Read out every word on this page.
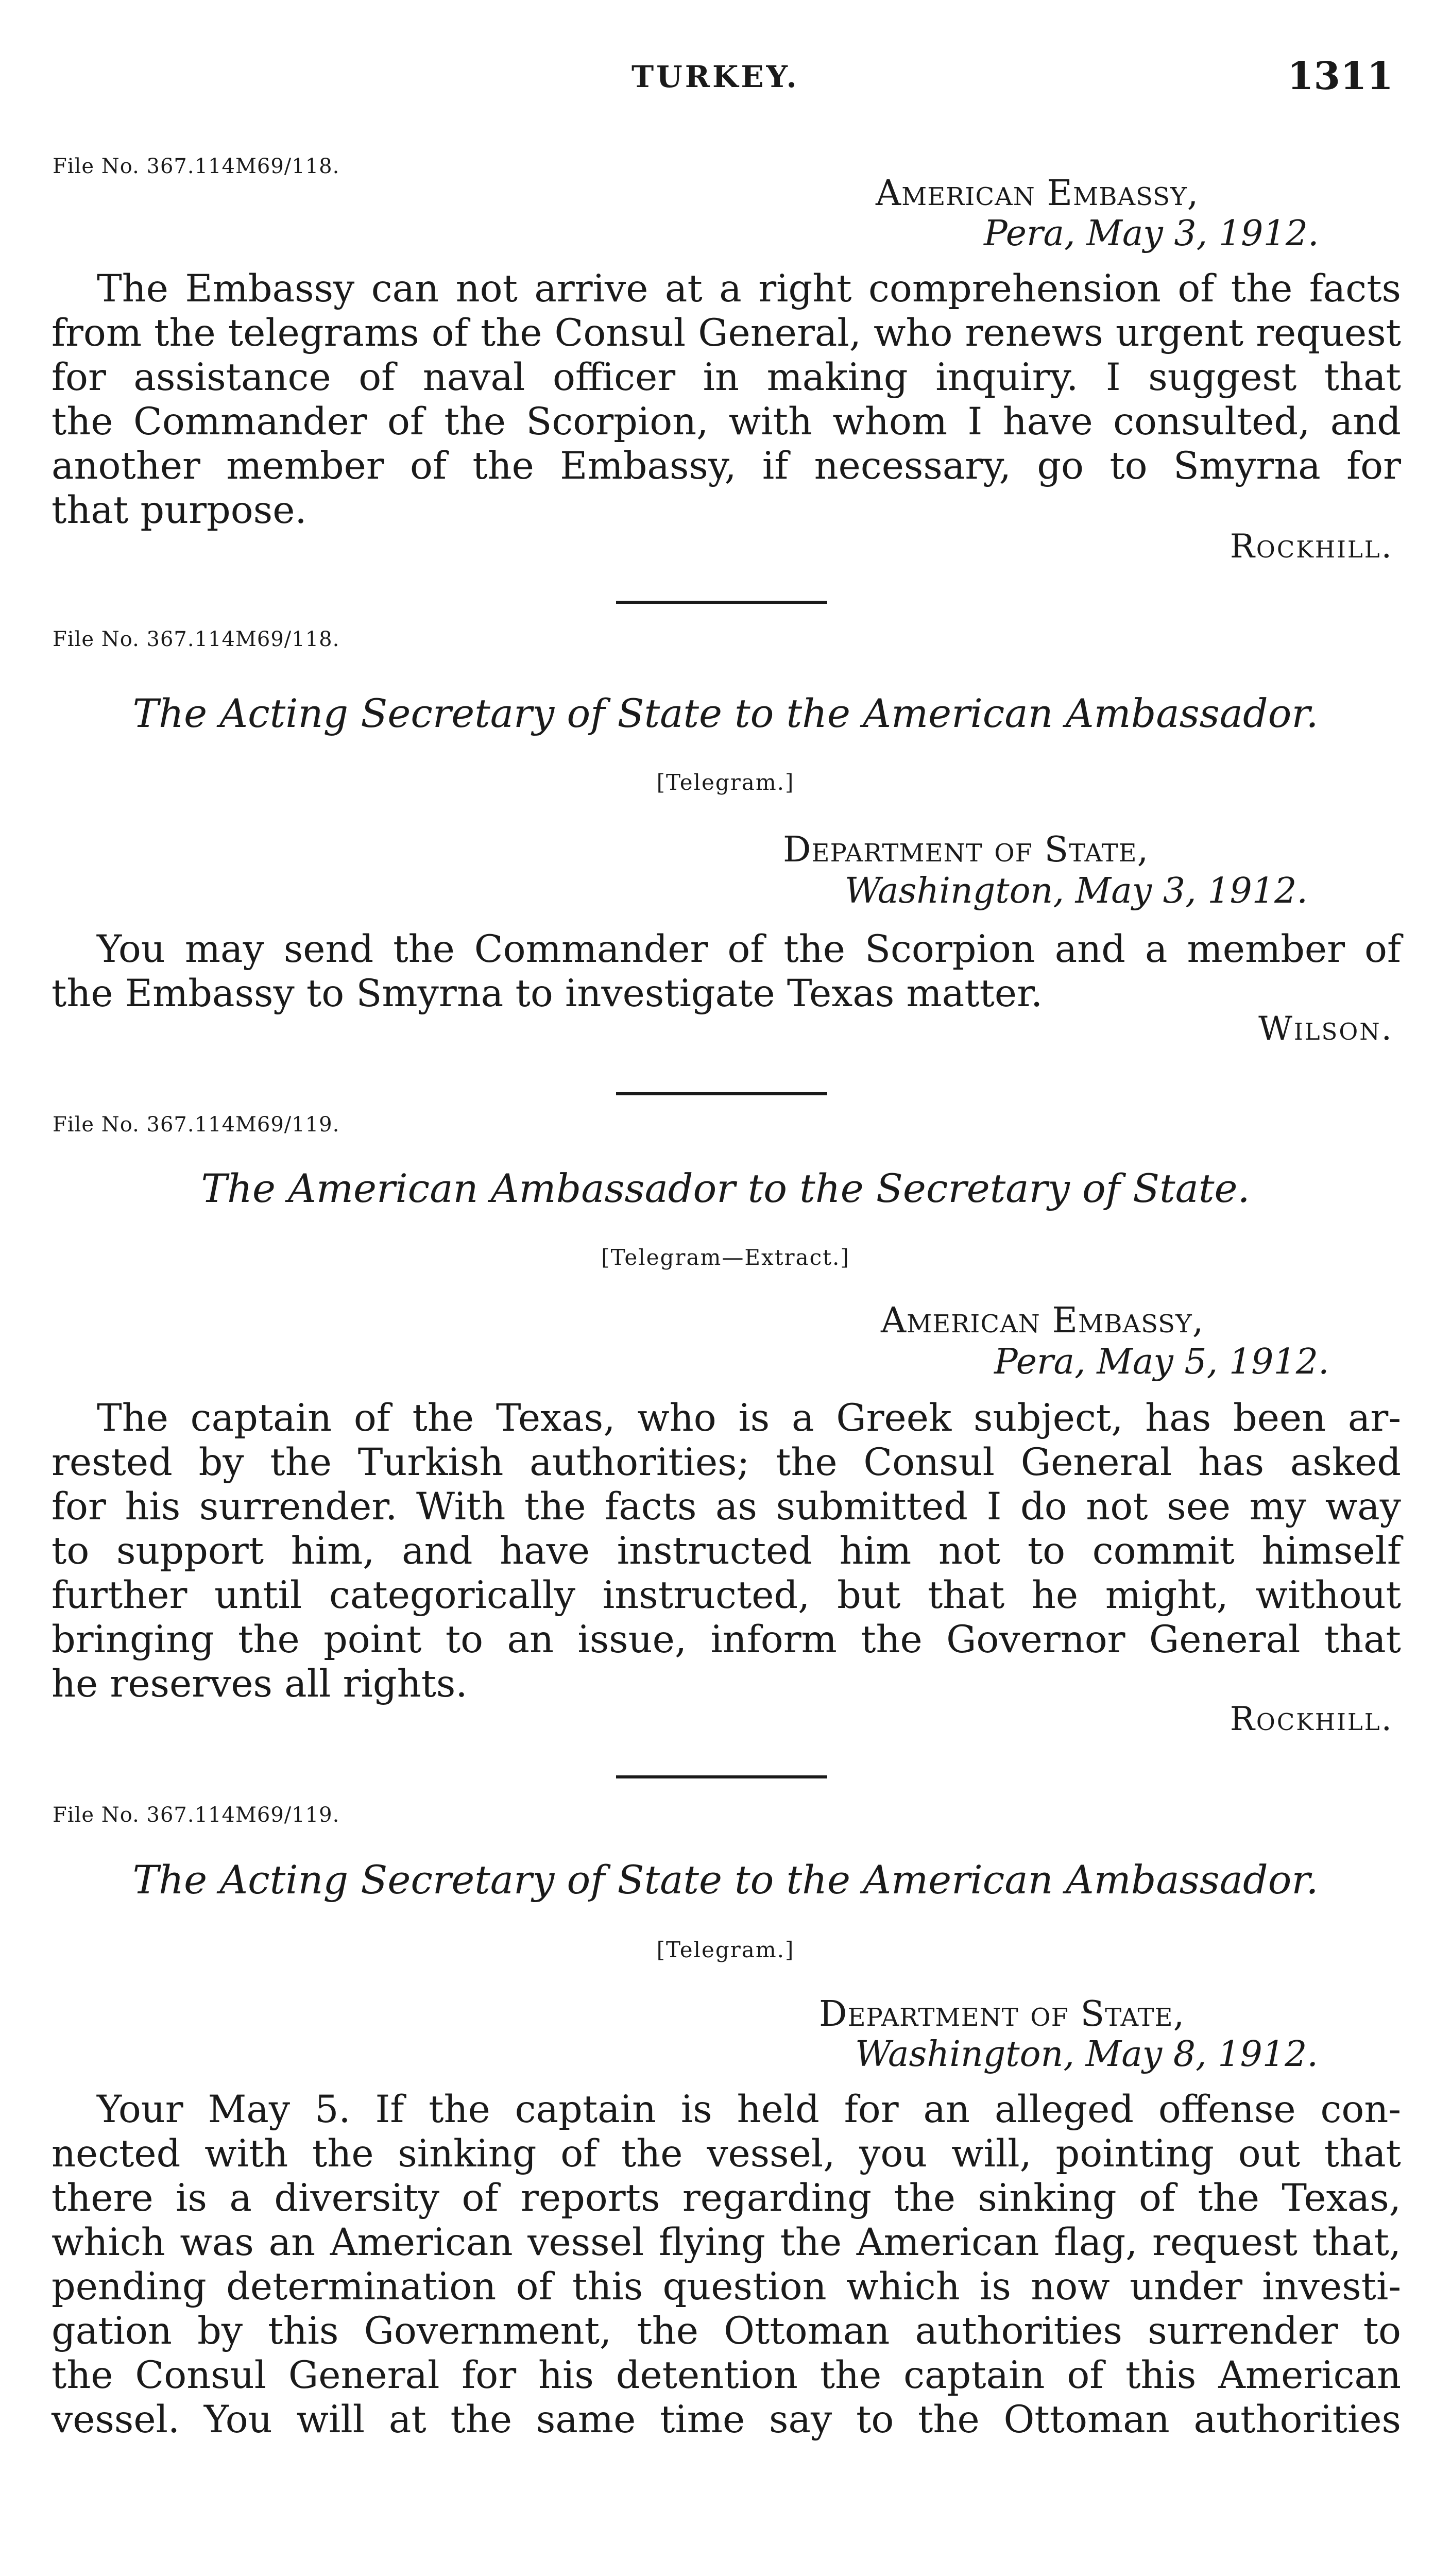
TURKEY.	1311
File No. 367.114M69/118.
American Embassy,
Pera, May 3, 1912.
The Embassy can not arrive at a right comprehension of the facts
from the telegrams of the Consul General, who renews urgent request
for assistance of naval officer in making inquiry. I suggest that
the Commander of the Scorpion, with whom I have consulted, and
another member of the Embassy, if necessary, go to Smyrna for
that purpose.
Rockhill.
File No. 367.114M69/118.
The Acting Secretary of State to the American Ambassador.
[Telegram.]
Department of State,
Washington, May 3, 1912.
You may send the Commander of the Scorpion and a member of
the Embassy to Smyrna to investigate Texas matter.
Wilson.
File No. 367.114M69/119.
The American Ambassador to the Secretary of State.
[Telegram—Extract.]
American Embassy,
Pera, May 5, 1912.
The captain of the Texas, who is a Greek subject, has been ar-
rested by the Turkish authorities; the Consul General has asked
for his surrender. With the facts as submitted I do not see my way
to support him, and have instructed him not to commit himself
further until categorically instructed, but that he might, without
bringing the point to an issue, inform the Governor General that
he reserves all rights.
Rockhill.
File No. 367.114M69/119.
The Acting Secretary of State to the American Ambassador.
[Telegram.]
Department of State,
Washington, May 8, 1912.
Your May 5. If the captain is held for an alleged offense con-
nected with the sinking of the vessel, you will, pointing out that
there is a diversity of reports regarding the sinking of the Texas,
which was an American vessel flying the American flag, request that,
pending determination of this question which is now under investi-
gation by this Government, the Ottoman authorities surrender to
the Consul General for his detention the captain of this American
vessel. You will at the same time say to the Ottoman authorities
